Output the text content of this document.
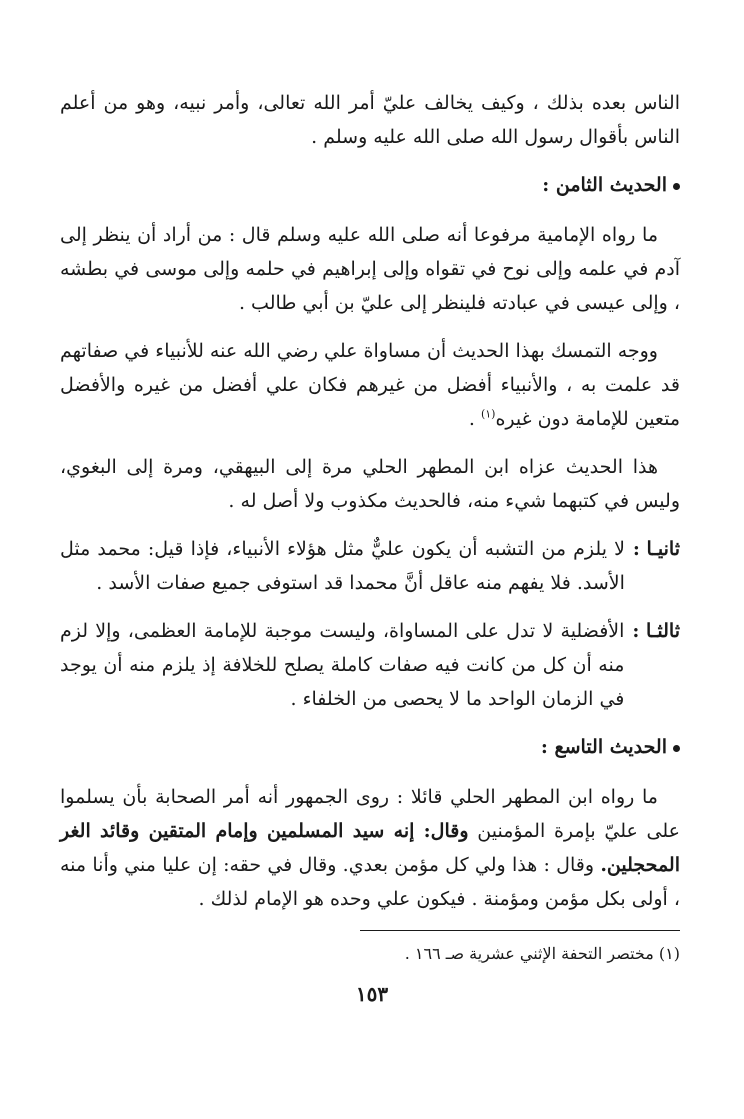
الناس بعده بذلك ، وكيف يخالف عليّ أمر الله تعالى، وأمر نبيه، وهو من أعلم الناس بأقوال رسول الله صلى الله عليه وسلم .

الحديث الثامن :

ما رواه الإمامية مرفوعا أنه صلى الله عليه وسلم قال : من أراد أن ينظر إلى آدم في علمه وإلى نوح في تقواه وإلى إبراهيم في حلمه وإلى موسى في بطشه ، وإلى عيسى في عبادته فلينظر إلى عليّ بن أبي طالب .

ووجه التمسك بهذا الحديث أن مساواة علي رضي الله عنه للأنبياء في صفاتهم قد علمت به ، والأنبياء أفضل من غيرهم فكان علي أفضل من غيره والأفضل متعين للإمامة دون غيره$^{(١)}$ .

هذا الحديث عزاه ابن المطهر الحلي مرة إلى البيهقي، ومرة إلى البغوي، وليس في كتبهما شيء منه، فالحديث مكذوب ولا أصل له .

ثانيـا :
لا يلزم من التشبه أن يكون عليٌّ مثل هؤلاء الأنبياء، فإذا قيل: محمد مثل الأسد. فلا يفهم منه عاقل أنَّ محمدا قد استوفى جميع صفات الأسد .
ثالثـا :
الأفضلية لا تدل على المساواة، وليست موجبة للإمامة العظمى، وإلا لزم منه أن كل من كانت فيه صفات كاملة يصلح للخلافة إذ يلزم منه أن يوجد في الزمان الواحد ما لا يحصى من الخلفاء .
الحديث التاسع :

ما رواه ابن المطهر الحلي قائلا : روى الجمهور أنه أمر الصحابة بأن يسلموا على عليّ بإمرة المؤمنين وقال: إنه سيد المسلمين وإمام المتقين وقائد الغر المحجلين. وقال : هذا ولي كل مؤمن بعدي. وقال في حقه: إن عليا مني وأنا منه ، أولى بكل مؤمن ومؤمنة . فيكون علي وحده هو الإمام لذلك .

(١) مختصر التحفة الإثني عشرية صـ ١٦٦ .
١٥٣
